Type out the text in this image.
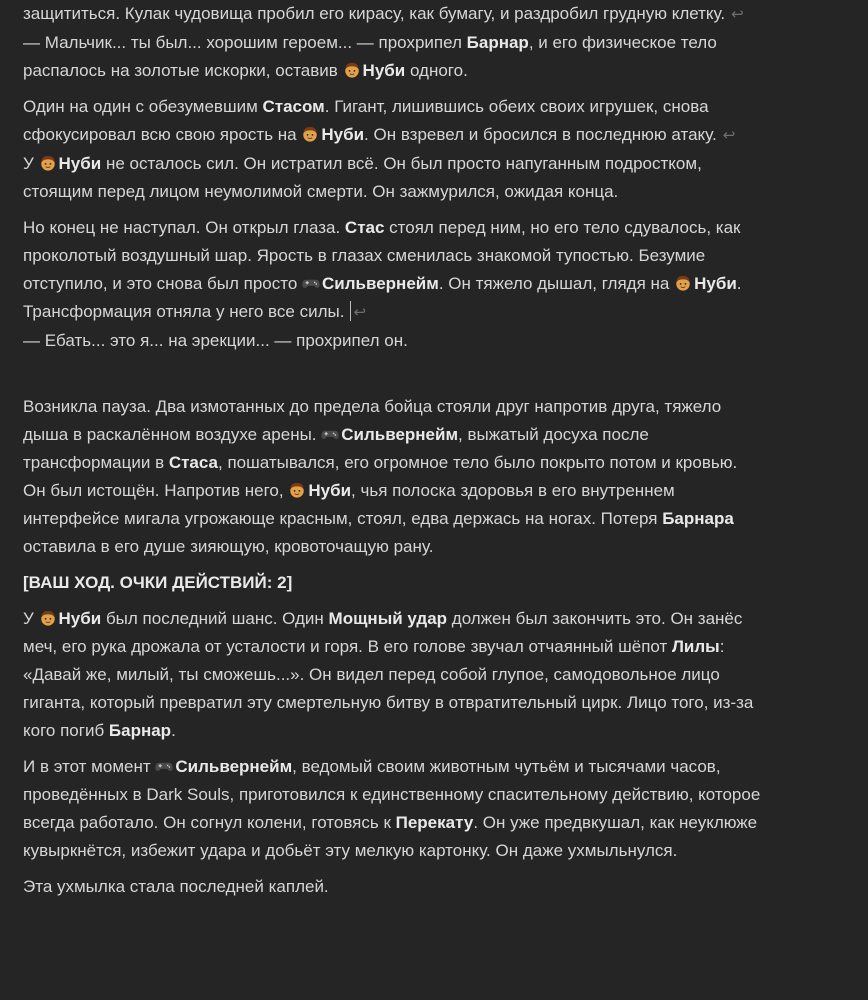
защититься. Кулак чудовища пробил его кирасу, как бумагу, и раздробил грудную клетку. ↩
— Мальчик... ты был... хорошим героем... — прохрипел Барнар, и его физическое тело распалось на золотые искорки, оставив Нуби одного.

Один на один с обезумевшим Стасом. Гигант, лишившись обеих своих игрушек, снова сфокусировал всю свою ярость на Нуби. Он взревел и бросился в последнюю атаку. ↩
У Нуби не осталось сил. Он истратил всё. Он был просто напуганным подростком, стоящим перед лицом неумолимой смерти. Он зажмурился, ожидая конца.

Но конец не наступал. Он открыл глаза. Стас стоял перед ним, но его тело сдувалось, как проколотый воздушный шар. Ярость в глазах сменилась знакомой тупостью. Безумие отступило, и это снова был просто Сильвернейм. Он тяжело дышал, глядя на Нуби. Трансформация отняла у него все силы. ↩
— Ебать... это я... на эрекции... — прохрипел он.

Возникла пауза. Два измотанных до предела бойца стояли друг напротив друга, тяжело дыша в раскалённом воздухе арены. Сильвернейм, выжатый досуха после трансформации в Стаса, пошатывался, его огромное тело было покрыто потом и кровью. Он был истощён. Напротив него, Нуби, чья полоска здоровья в его внутреннем интерфейсе мигала угрожающе красным, стоял, едва держась на ногах. Потеря Барнара оставила в его душе зияющую, кровоточащую рану.

[ВАШ ХОД. ОЧКИ ДЕЙСТВИЙ: 2]

У Нуби был последний шанс. Один Мощный удар должен был закончить это. Он занёс меч, его рука дрожала от усталости и горя. В его голове звучал отчаянный шёпот Лилы: «Давай же, милый, ты сможешь...». Он видел перед собой глупое, самодовольное лицо гиганта, который превратил эту смертельную битву в отвратительный цирк. Лицо того, из-за кого погиб Барнар.

И в этот момент Сильвернейм, ведомый своим животным чутьём и тысячами часов, проведённых в Dark Souls, приготовился к единственному спасительному действию, которое всегда работало. Он согнул колени, готовясь к Перекату. Он уже предвкушал, как неуклюже кувыркнётся, избежит удара и добьёт эту мелкую картонку. Он даже ухмыльнулся.

Эта ухмылка стала последней каплей.
